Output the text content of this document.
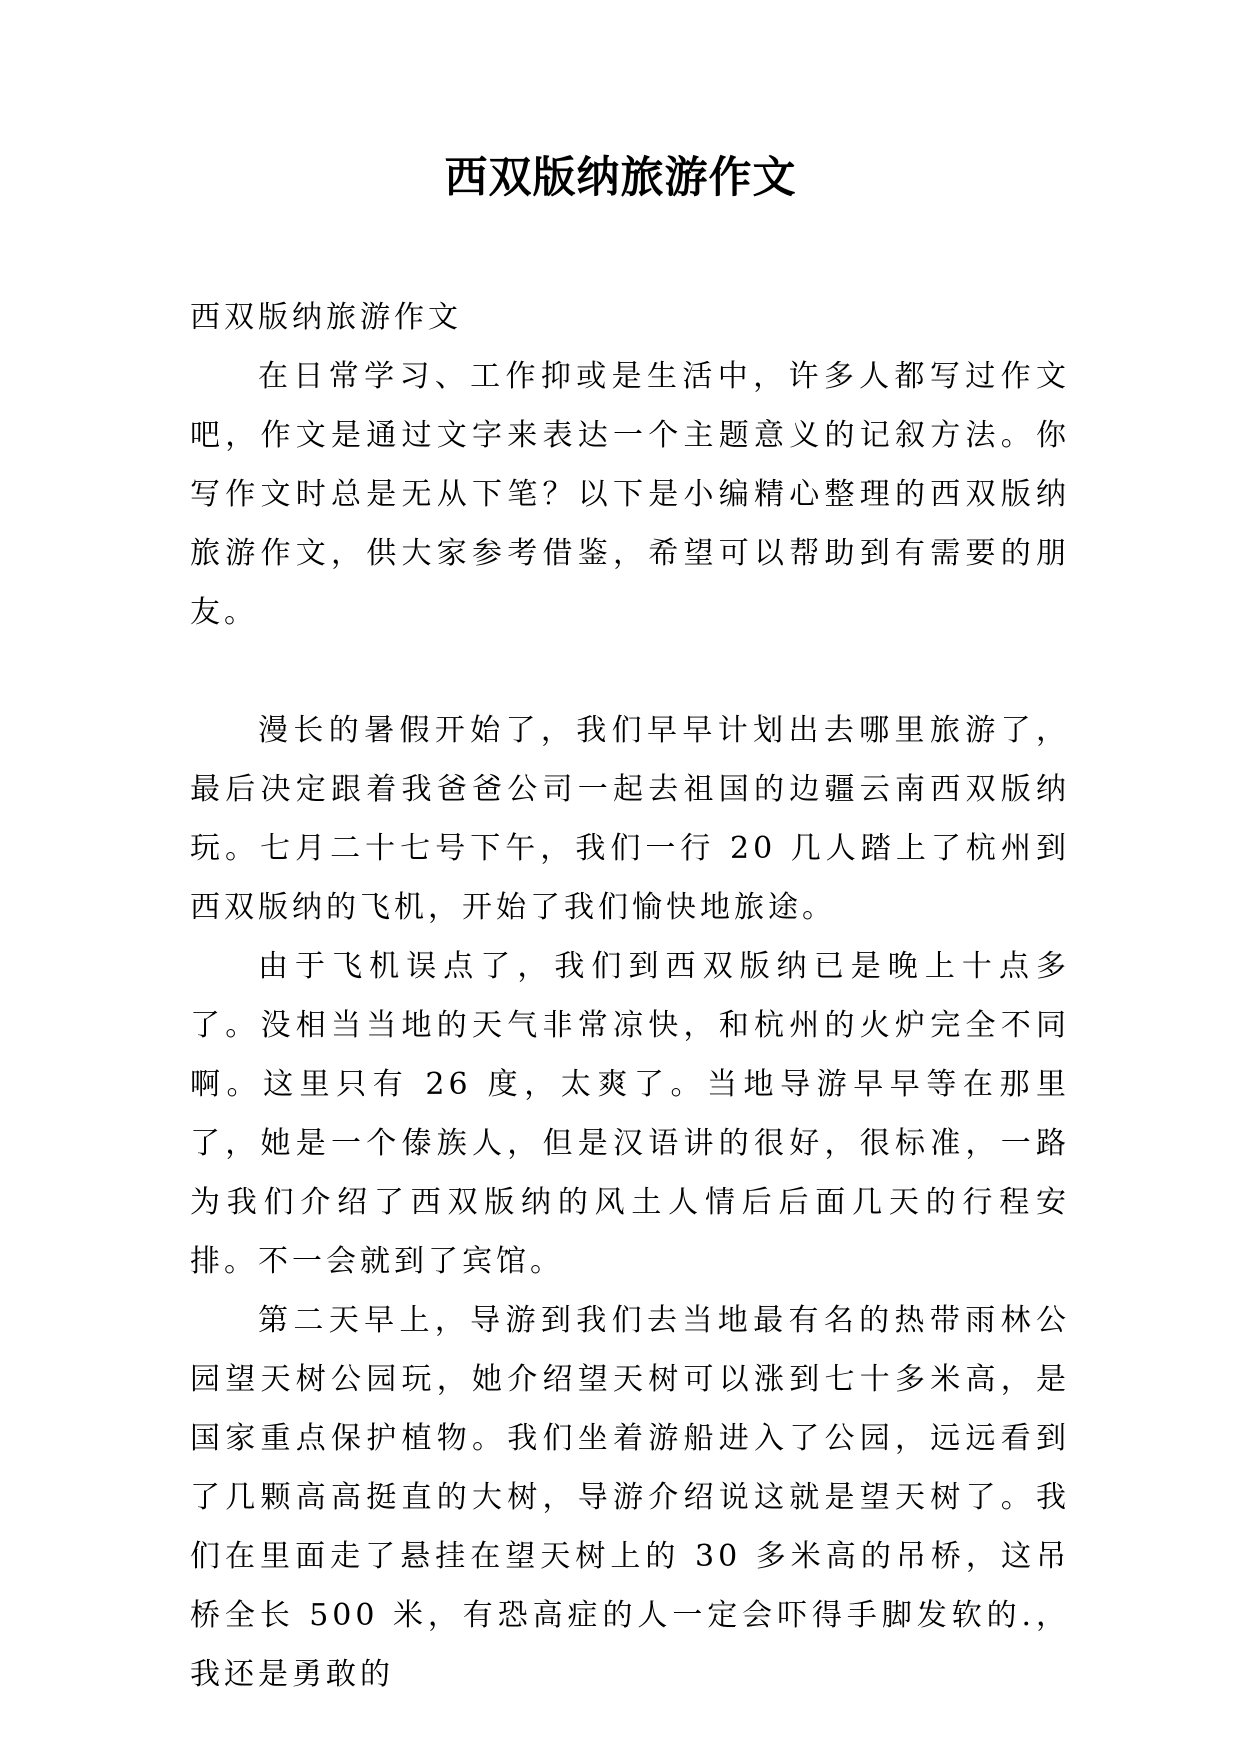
西双版纳旅游作文

西双版纳旅游作文

在日常学习、工作抑或是生活中，许多人都写过作文吧，作文是通过文字来表达一个主题意义的记叙方法。你写作文时总是无从下笔？以下是小编精心整理的西双版纳旅游作文，供大家参考借鉴，希望可以帮助到有需要的朋友。

漫长的暑假开始了，我们早早计划出去哪里旅游了，最后决定跟着我爸爸公司一起去祖国的边疆云南西双版纳玩。七月二十七号下午，我们一行 20 几人踏上了杭州到西双版纳的飞机，开始了我们愉快地旅途。

由于飞机误点了，我们到西双版纳已是晚上十点多了。没相当当地的天气非常凉快，和杭州的火炉完全不同啊。这里只有 26 度，太爽了。当地导游早早等在那里了，她是一个傣族人，但是汉语讲的很好，很标准，一路为我们介绍了西双版纳的风土人情后后面几天的行程安排。不一会就到了宾馆。

第二天早上，导游到我们去当地最有名的热带雨林公园望天树公园玩，她介绍望天树可以涨到七十多米高，是国家重点保护植物。我们坐着游船进入了公园，远远看到了几颗高高挺直的大树，导游介绍说这就是望天树了。我们在里面走了悬挂在望天树上的 30 多米高的吊桥，这吊桥全长 500 米，有恐高症的人一定会吓得手脚发软的.，我还是勇敢的
